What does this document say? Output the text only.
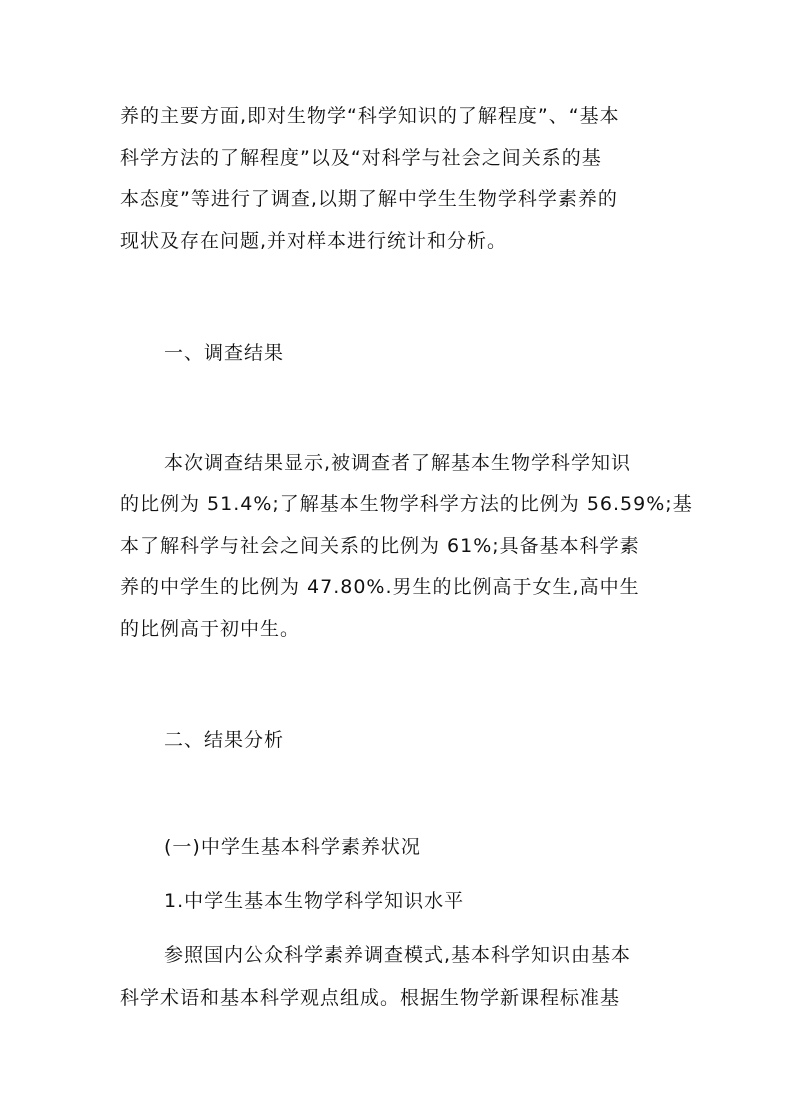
养的主要方面,即对生物学“科学知识的了解程度”、“基本
科学方法的了解程度”以及“对科学与社会之间关系的基
本态度”等进行了调查,以期了解中学生生物学科学素养的
现状及存在问题,并对样本进行统计和分析。
一、调查结果
本次调查结果显示,被调查者了解基本生物学科学知识
的比例为 51.4%;了解基本生物学科学方法的比例为 56.59%;基
本了解科学与社会之间关系的比例为 61%;具备基本科学素
养的中学生的比例为 47.80%.男生的比例高于女生,高中生
的比例高于初中生。
二、结果分析
(一)中学生基本科学素养状况
1.中学生基本生物学科学知识水平
参照国内公众科学素养调查模式,基本科学知识由基本
科学术语和基本科学观点组成。根据生物学新课程标准基
